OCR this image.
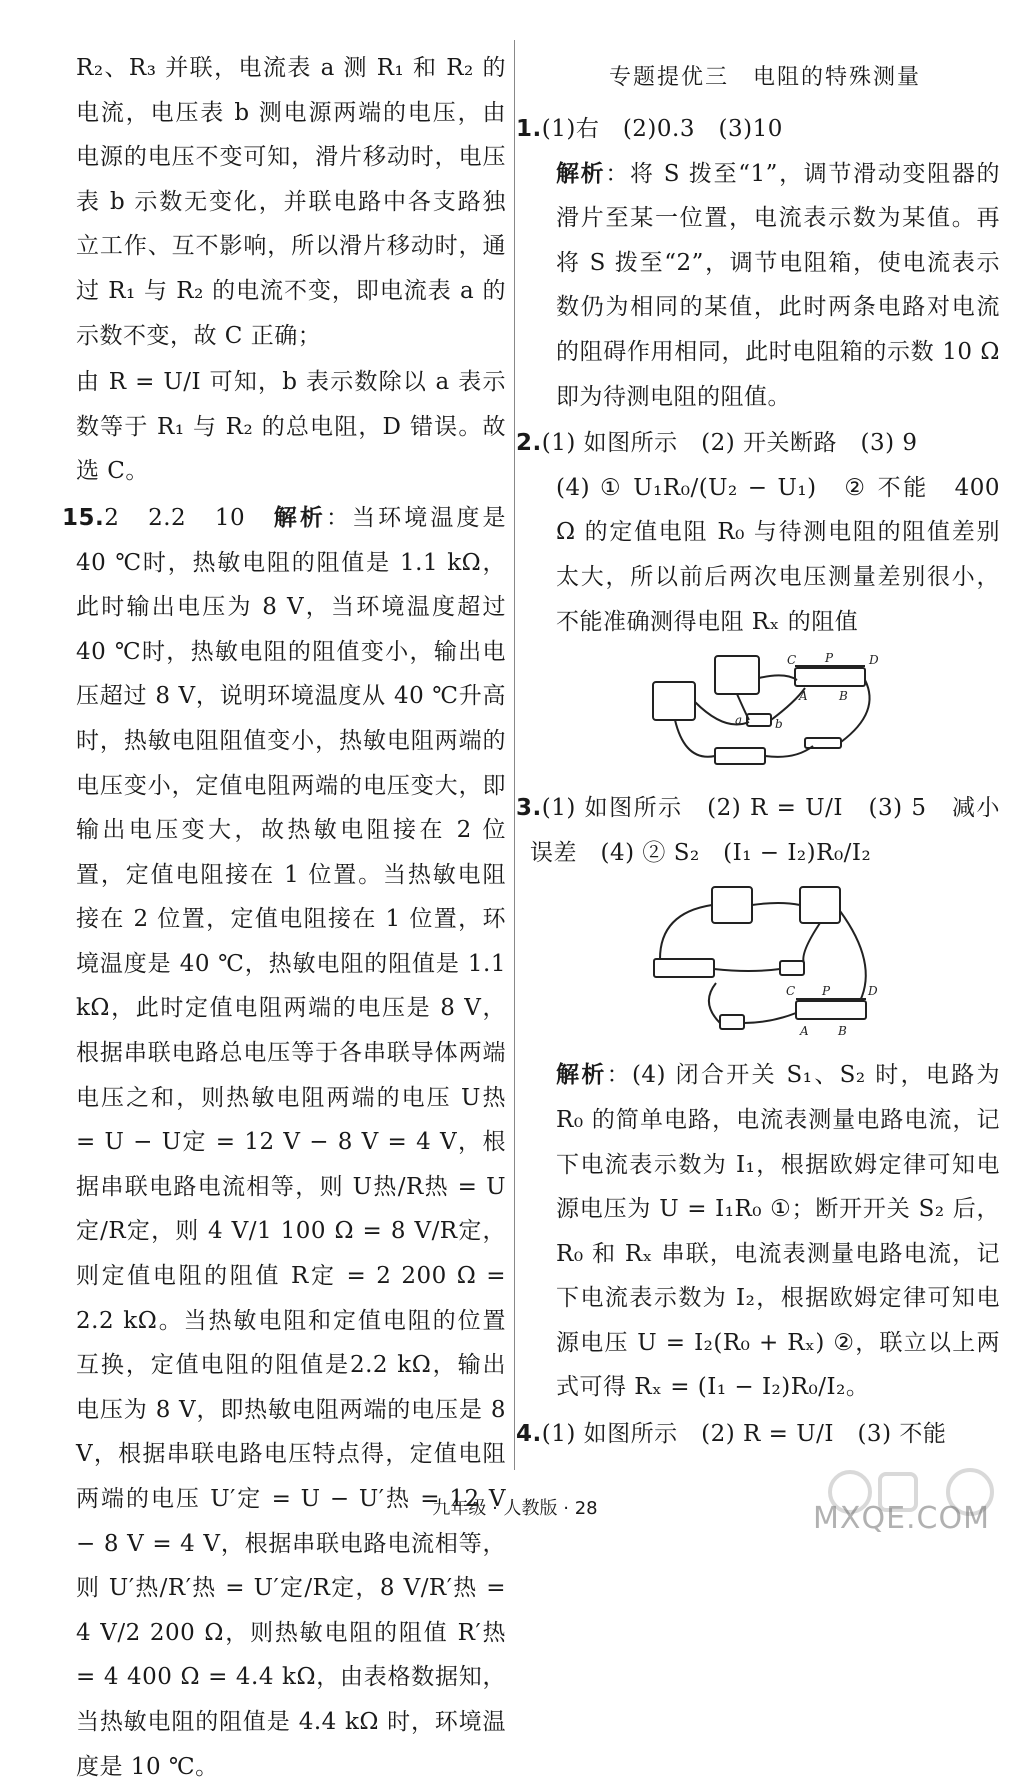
R₂、R₃ 并联，电流表 a 测 R₁ 和 R₂ 的电流，电压表 b 测电源两端的电压，由电源的电压不变可知，滑片移动时，电压表 b 示数无变化，并联电路中各支路独立工作、互不影响，所以滑片移动时，通过 R₁ 与 R₂ 的电流不变，即电流表 a 的示数不变，故 C 正确；
由 R = U/I 可知，b 表示数除以 a 表示数等于 R₁ 与 R₂ 的总电阻，D 错误。故选 C。
15.2　2.2　10　解析：当环境温度是 40 ℃时，热敏电阻的阻值是 1.1 kΩ，此时输出电压为 8 V，当环境温度超过 40 ℃时，热敏电阻的阻值变小，输出电压超过 8 V，说明环境温度从 40 ℃升高时，热敏电阻阻值变小，热敏电阻两端的电压变小，定值电阻两端的电压变大，即输出电压变大，故热敏电阻接在 2 位置，定值电阻接在 1 位置。当热敏电阻接在 2 位置，定值电阻接在 1 位置，环境温度是 40 ℃，热敏电阻的阻值是 1.1 kΩ，此时定值电阻两端的电压是 8 V，根据串联电路总电压等于各串联导体两端电压之和，则热敏电阻两端的电压 U热 = U − U定 = 12 V − 8 V = 4 V，根据串联电路电流相等，则 U热/R热 = U定/R定，则 4 V/1 100 Ω = 8 V/R定，则定值电阻的阻值 R定 = 2 200 Ω = 2.2 kΩ。当热敏电阻和定值电阻的位置互换，定值电阻的阻值是2.2 kΩ，输出电压为 8 V，即热敏电阻两端的电压是 8 V，根据串联电路电压特点得，定值电阻两端的电压 U′定 = U − U′热 = 12 V − 8 V = 4 V，根据串联电路电流相等，则 U′热/R′热 = U′定/R定，8 V/R′热 = 4 V/2 200 Ω，则热敏电阻的阻值 R′热 = 4 400 Ω = 4.4 kΩ，由表格数据知，当热敏电阻的阻值是 4.4 kΩ 时，环境温度是 10 ℃。
专题提优三　电阻的特殊测量
1.(1)右　(2)0.3　(3)10
解析：将 S 拨至“1”，调节滑动变阻器的滑片至某一位置，电流表示数为某值。再将 S 拨至“2”，调节电阻箱，使电流表示数仍为相同的某值，此时两条电路对电流的阻碍作用相同，此时电阻箱的示数 10 Ω 即为待测电阻的阻值。
2.(1) 如图所示　(2) 开关断路　(3) 9
(4) ① U₁R₀/(U₂ − U₁)　② 不能　400 Ω 的定值电阻 R₀ 与待测电阻的阻值差别太大，所以前后两次电压测量差别很小，不能准确测得电阻 Rₓ 的阻值
C P	D
A	B
a	b
3.(1) 如图所示　(2) R = U/I　(3) 5　减小误差　(4) ② S₂　(I₁ − I₂)R₀/I₂
C P	D
A B
解析：(4) 闭合开关 S₁、S₂ 时，电路为 R₀ 的简单电路，电流表测量电路电流，记下电流表示数为 I₁，根据欧姆定律可知电源电压为 U = I₁R₀ ①；断开开关 S₂ 后，R₀ 和 Rₓ 串联，电流表测量电路电流，记下电流表示数为 I₂，根据欧姆定律可知电源电压 U = I₂(R₀ + Rₓ) ②，联立以上两式可得 Rₓ = (I₁ − I₂)R₀/I₂。
4.(1) 如图所示　(2) R = U/I　(3) 不能
九年级 · 人教版 · 28	MXQE.COM
